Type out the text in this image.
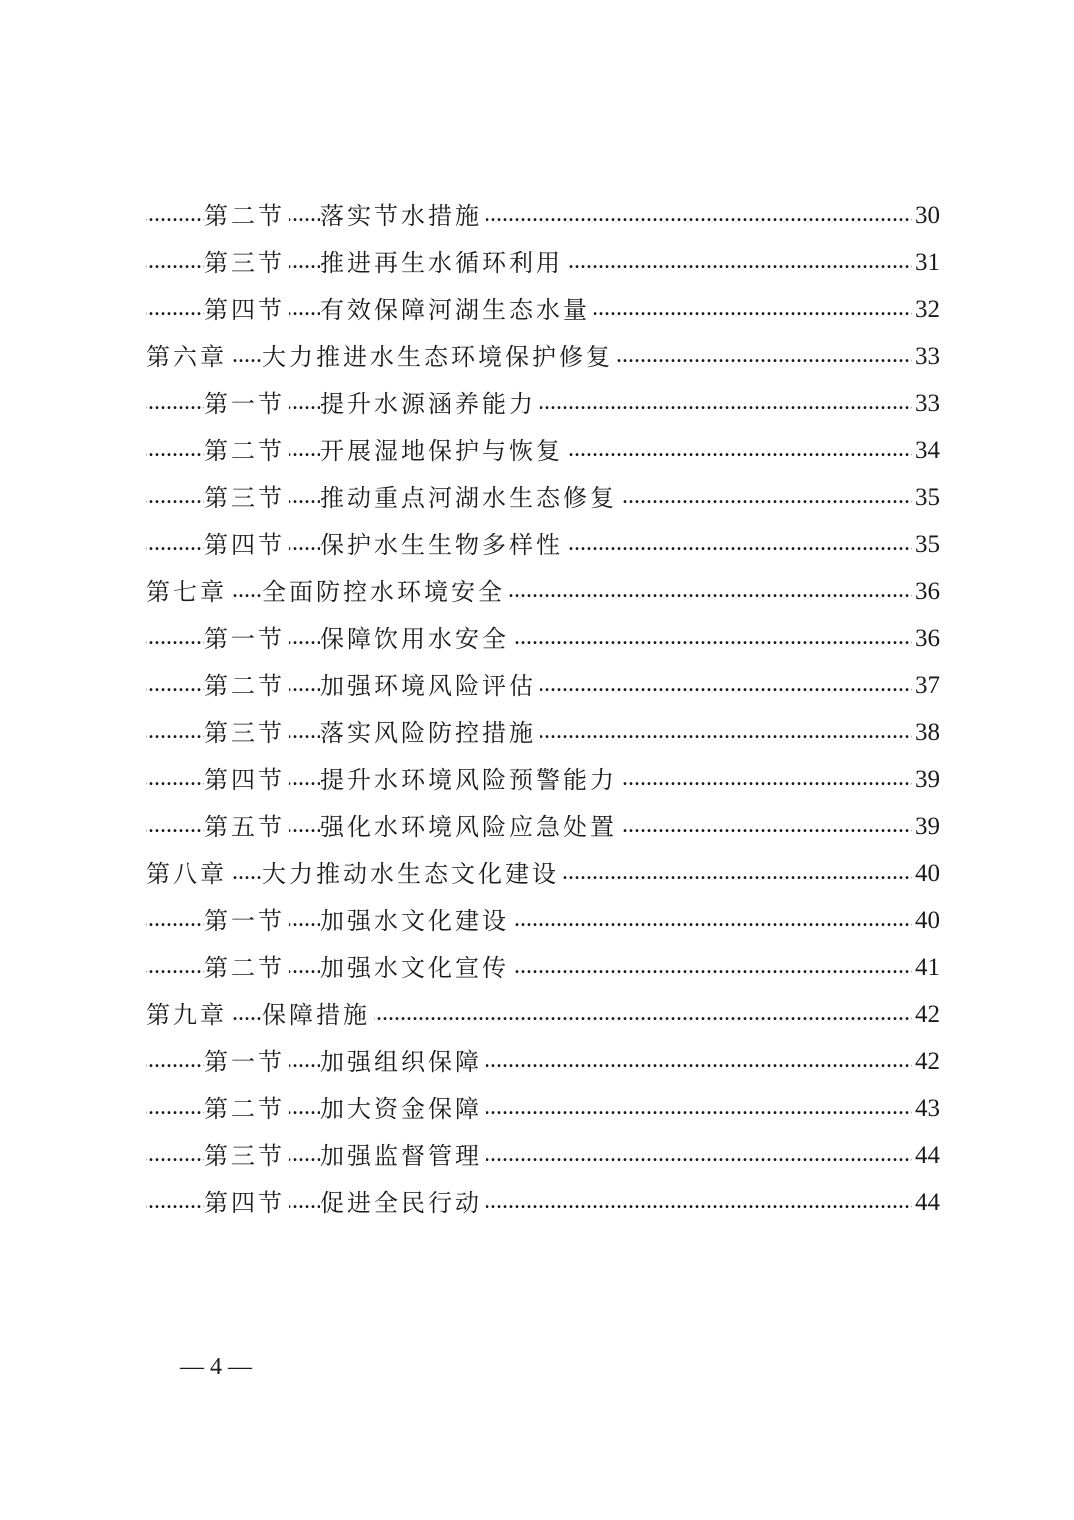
.....
第二节 落实节水措施	30
.....
第三节 推进再生水循环利用	31
.....
第四节 有效保障河湖生态水量	32
.....
第六章 大力推进水生态环境保护修复	33
.....
第一节 提升水源涵养能力	33
.....
第二节 开展湿地保护与恢复	34
.....
第三节 推动重点河湖水生态修复	35
.....
第四节 保护水生生物多样性	35
.....
第七章 全面防控水环境安全	36
.....
第一节 保障饮用水安全	36
.....
第二节 加强环境风险评估	37
.....
第三节 落实风险防控措施	38
.....
第四节 提升水环境风险预警能力	39
.....
第五节 强化水环境风险应急处置	39
.....
第八章 大力推动水生态文化建设	40
.....
第一节 加强水文化建设	40
.....
第二节 加强水文化宣传	41
.....
第九章 保障措施	42
.....
第一节 加强组织保障	42
.....
第二节 加大资金保障	43
.....
第三节 加强监督管理	44
.....
第四节 促进全民行动	44
— 4 —
